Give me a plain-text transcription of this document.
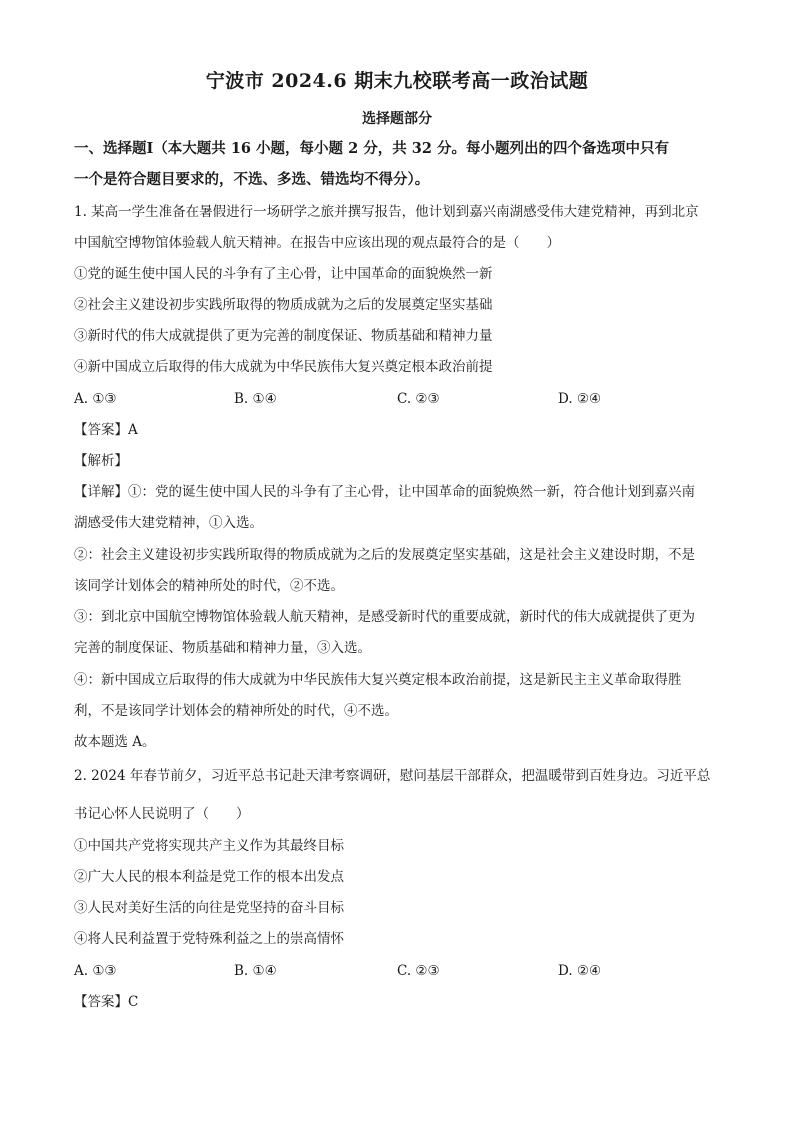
宁波市 2024.6 期末九校联考高一政治试题
选择题部分
一、选择题Ⅰ（本大题共 16 小题，每小题 2 分，共 32 分。每小题列出的四个备选项中只有
一个是符合题目要求的，不选、多选、错选均不得分）。
1. 某高一学生准备在暑假进行一场研学之旅并撰写报告，他计划到嘉兴南湖感受伟大建党精神，再到北京
中国航空博物馆体验载人航天精神。在报告中应该出现的观点最符合的是（　　）
①党的诞生使中国人民的斗争有了主心骨，让中国革命的面貌焕然一新
②社会主义建设初步实践所取得的物质成就为之后的发展奠定坚实基础
③新时代的伟大成就提供了更为完善的制度保证、物质基础和精神力量
④新中国成立后取得的伟大成就为中华民族伟大复兴奠定根本政治前提
A. ①③	B. ①④	C. ②③	D. ②④
【答案】A
【解析】
【详解】①：党的诞生使中国人民的斗争有了主心骨，让中国革命的面貌焕然一新，符合他计划到嘉兴南
湖感受伟大建党精神，①入选。
②：社会主义建设初步实践所取得的物质成就为之后的发展奠定坚实基础，这是社会主义建设时期，不是
该同学计划体会的精神所处的时代，②不选。
③：到北京中国航空博物馆体验载人航天精神，是感受新时代的重要成就，新时代的伟大成就提供了更为
完善的制度保证、物质基础和精神力量，③入选。
④：新中国成立后取得的伟大成就为中华民族伟大复兴奠定根本政治前提，这是新民主主义革命取得胜
利，不是该同学计划体会的精神所处的时代，④不选。
故本题选 A。
2. 2024 年春节前夕，习近平总书记赴天津考察调研，慰问基层干部群众，把温暖带到百姓身边。习近平总
书记心怀人民说明了（　　）
①中国共产党将实现共产主义作为其最终目标
②广大人民的根本利益是党工作的根本出发点
③人民对美好生活的向往是党坚持的奋斗目标
④将人民利益置于党特殊利益之上的崇高情怀
A. ①③	B. ①④	C. ②③	D. ②④
【答案】C
